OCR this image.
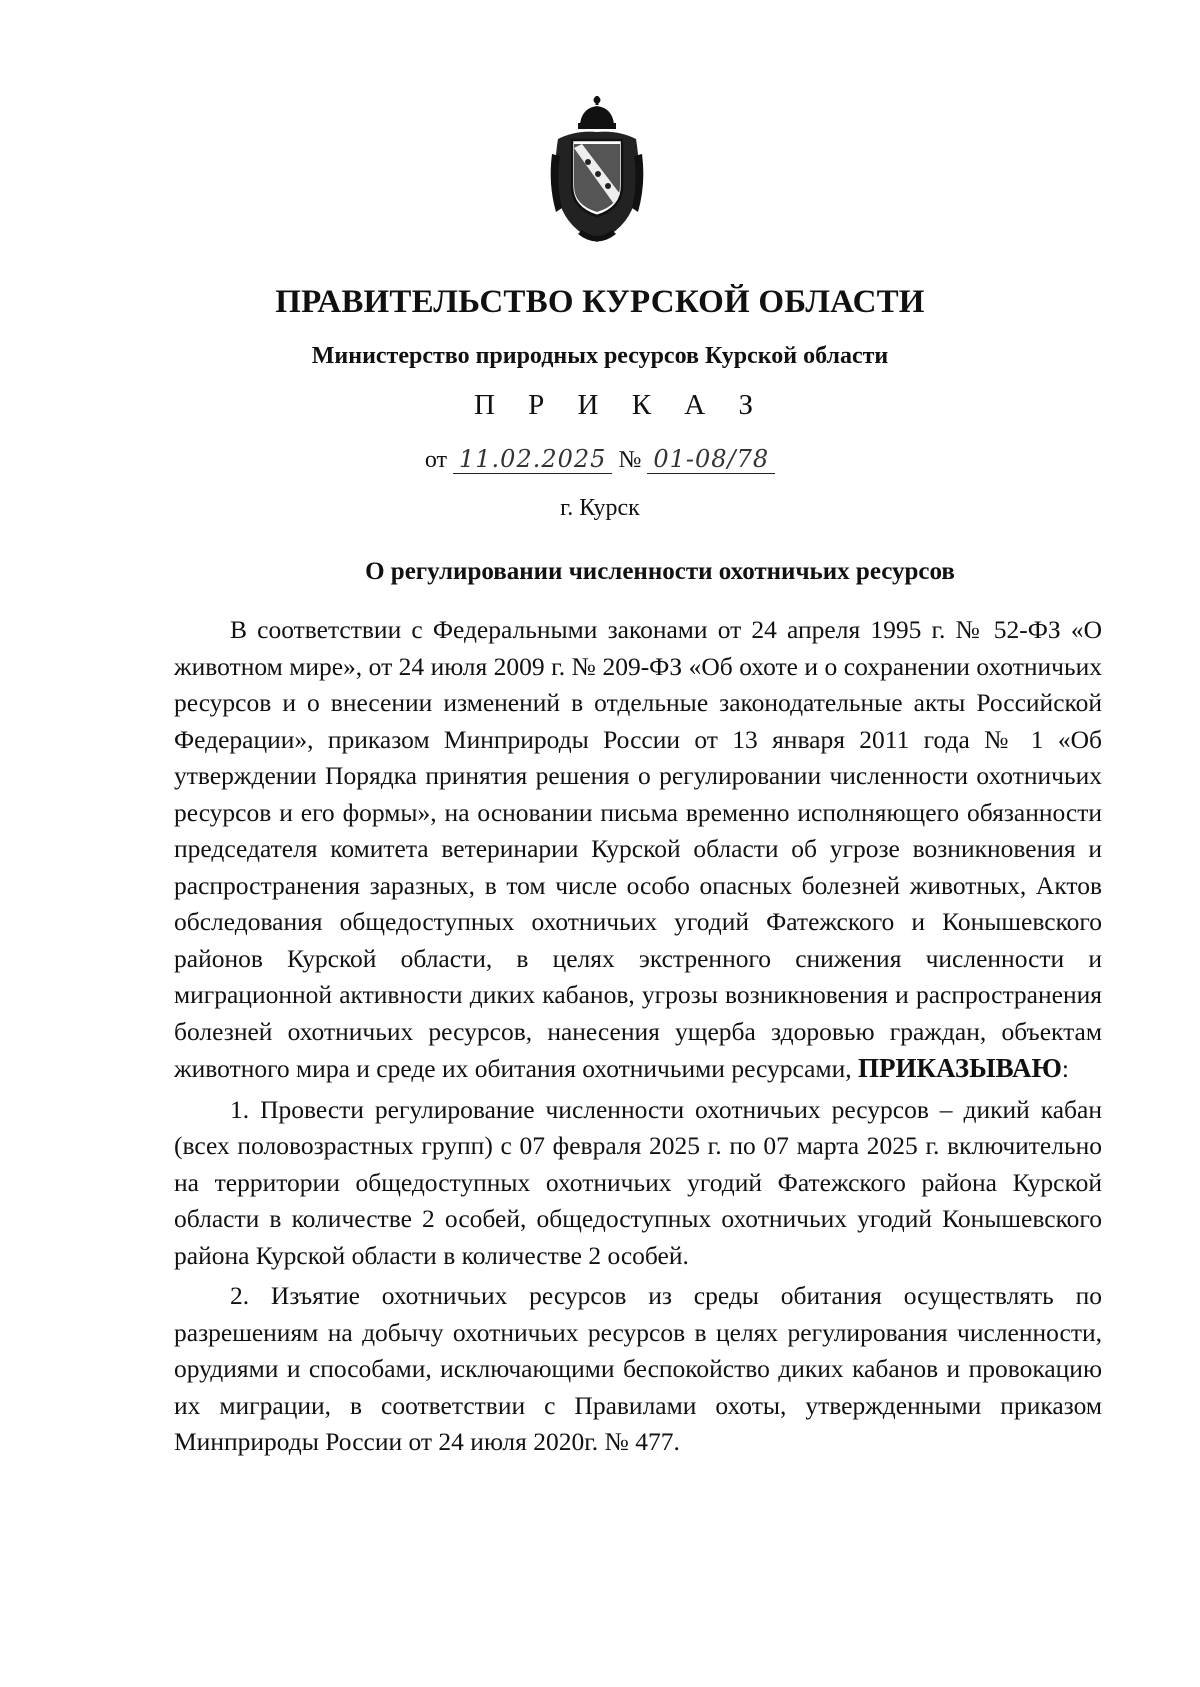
ПРАВИТЕЛЬСТВО КУРСКОЙ ОБЛАСТИ
Министерство природных ресурсов Курской области
П Р И К А З
от 11.02.2025 № 01-08/78
г. Курск
О регулировании численности охотничьих ресурсов

В соответствии с Федеральными законами от 24 апреля 1995 г. № 52-ФЗ «О животном мире», от 24 июля 2009 г. № 209-ФЗ «Об охоте и о сохранении охотничьих ресурсов и о внесении изменений в отдельные законодательные акты Российской Федерации», приказом Минприроды России от 13 января 2011 года № 1 «Об утверждении Порядка принятия решения о регулировании численности охотничьих ресурсов и его формы», на основании письма временно исполняющего обязанности председателя комитета ветеринарии Курской области об угрозе возникновения и распространения заразных, в том числе особо опасных болезней животных, Актов обследования общедоступных охотничьих угодий Фатежского и Конышевского районов Курской области, в целях экстренного снижения численности и миграционной активности диких кабанов, угрозы возникновения и распространения болезней охотничьих ресурсов, нанесения ущерба здоровью граждан, объектам животного мира и среде их обитания охотничьими ресурсами, ПРИКАЗЫВАЮ:

1. Провести регулирование численности охотничьих ресурсов – дикий кабан (всех половозрастных групп) с 07 февраля 2025 г. по 07 марта 2025 г. включительно на территории общедоступных охотничьих угодий Фатежского района Курской области в количестве 2 особей, общедоступных охотничьих угодий Конышевского района Курской области в количестве 2 особей.

2. Изъятие охотничьих ресурсов из среды обитания осуществлять по разрешениям на добычу охотничьих ресурсов в целях регулирования численности, орудиями и способами, исключающими беспокойство диких кабанов и провокацию их миграции, в соответствии с Правилами охоты, утвержденными приказом Минприроды России от 24 июля 2020г. № 477.
